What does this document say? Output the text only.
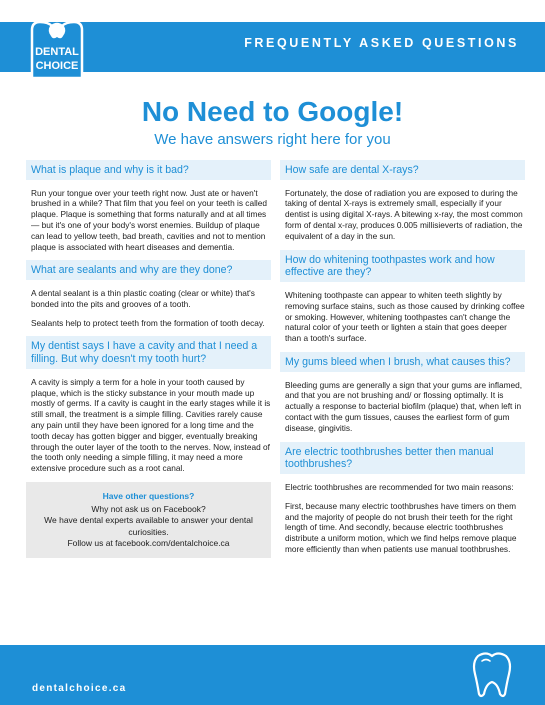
DENTAL
CHOICE
FREQUENTLY ASKED QUESTIONS
No Need to Google!
We have answers right here for you
What is plaque and why is it bad?
Run your tongue over your teeth right now. Just ate or haven't brushed in a while? That film that you feel on your teeth is called plaque. Plaque is something that forms naturally and at all times — but it's one of your body's worst enemies. Buildup of plaque can lead to yellow teeth, bad breath, cavities and not to mention plaque is associated with heart diseases and dementia.
What are sealants and why are they done?
A dental sealant is a thin plastic coating (clear or white) that's bonded into the pits and grooves of a tooth.
Sealants help to protect teeth from the formation of tooth decay.
My dentist says I have a cavity and that I need a filling. But why doesn't my tooth hurt?
A cavity is simply a term for a hole in your tooth caused by plaque, which is the sticky substance in your mouth made up mostly of germs. If a cavity is caught in the early stages while it is still small, the treatment is a simple filling. Cavities rarely cause any pain until they have been ignored for a long time and the tooth decay has gotten bigger and bigger, eventually breaking through the outer layer of the tooth to the nerves. Now, instead of the tooth only needing a simple filling, it may need a more extensive procedure such as a root canal.
Have other questions?
Why not ask us on Facebook?
We have dental experts available to answer your dental curiosities.
Follow us at facebook.com/dentalchoice.ca
How safe are dental X-rays?
Fortunately, the dose of radiation you are exposed to during the taking of dental X-rays is extremely small, especially if your dentist is using digital X-rays. A bitewing x-ray, the most common form of dental x-ray, produces 0.005 millisieverts of radiation, the equivalent of a day in the sun.
How do whitening toothpastes work and how effective are they?
Whitening toothpaste can appear to whiten teeth slightly by removing surface stains, such as those caused by drinking coffee or smoking. However, whitening toothpastes can't change the natural color of your teeth or lighten a stain that goes deeper than a tooth's surface.
My gums bleed when I brush, what causes this?
Bleeding gums are generally a sign that your gums are inflamed, and that you are not brushing and/ or flossing optimally. It is actually a response to bacterial biofilm (plaque) that, when left in contact with the gum tissues, causes the earliest form of gum disease, gingivitis.
Are electric toothbrushes better then manual toothbrushes?
Electric toothbrushes are recommended for two main reasons:
First, because many electric toothbrushes have timers on them and the majority of people do not brush their teeth for the right length of time. And secondly, because electric toothbrushes distribute a uniform motion, which we find helps remove plaque more efficiently than when patients use manual toothbrushes.
dentalchoice.ca
